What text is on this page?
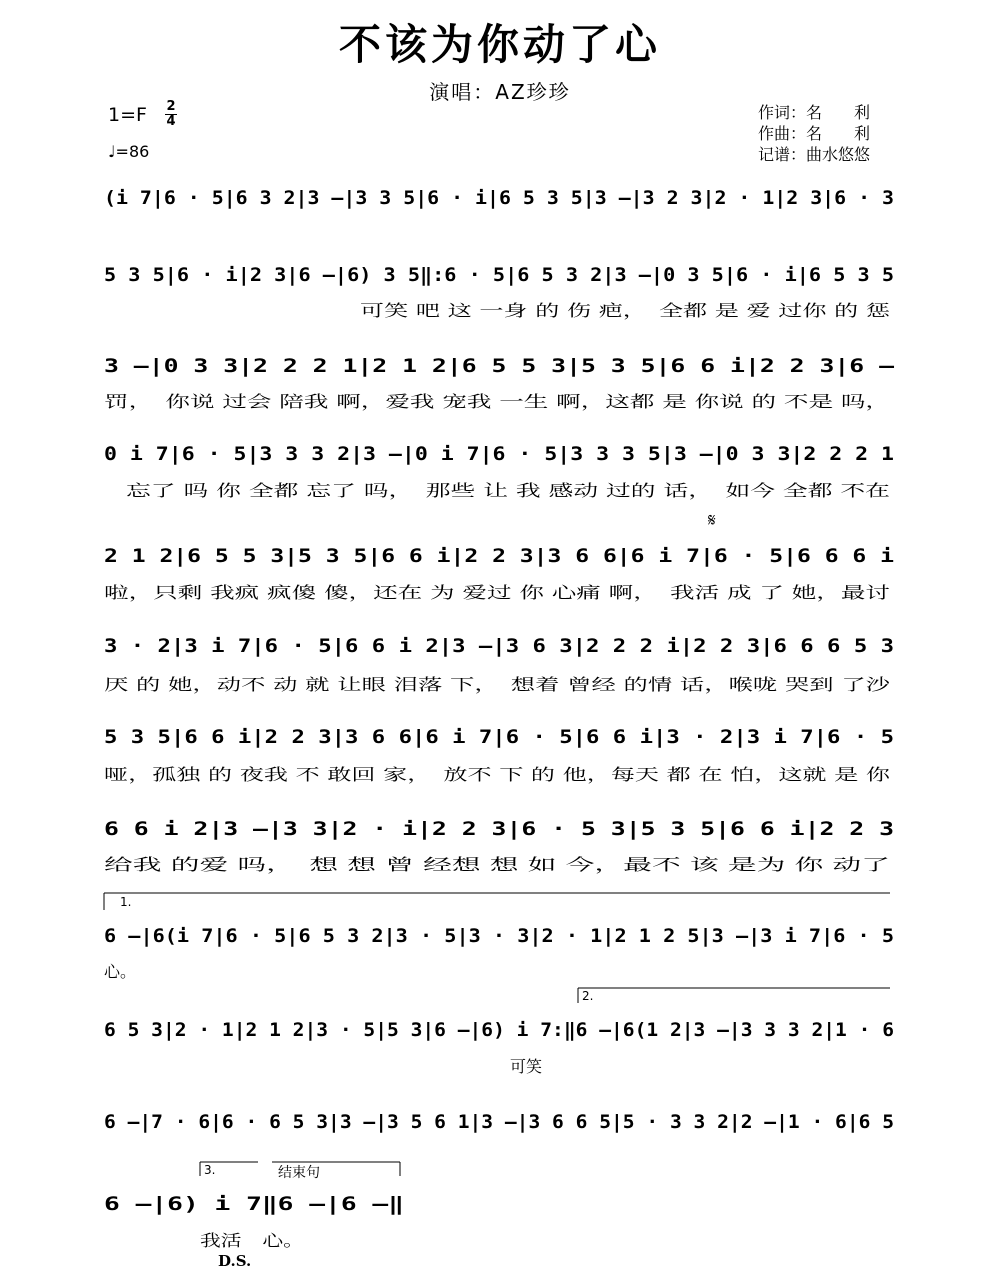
不该为你动了心
演唱：AZ珍珍
1=F 2
4
♩=86
作词：名　　利
作曲：名　　利
记谱：曲水悠悠
(i 7|6 · 5|6 3 2|3 –|3 3 5|6 · i|6 5 3 5|3 –|3 2 3|2 · 1|2 3|6 · 3
5 3 5|6 · i|2 3|6 –|6) 3 5‖:6 · 5|6 5 3 2|3 –|0 3 5|6 · i|6 5 3 5
可笑 吧 这 一身 的 伤 疤，　全都 是 爱 过你 的 惩
3 –|0 3 3|2 2 2 1|2 1 2|6 5 5 3|5 3 5|6 6 i|2 2 3|6 –
罚，　你说 过会 陪我 啊，爱我 宠我 一生 啊，这都 是 你说 的 不是 吗，
0 i 7|6 · 5|3 3 3 2|3 –|0 i 7|6 · 5|3 3 3 5|3 –|0 3 3|2 2 2 1
忘了 吗 你 全都 忘了 吗，　那些 让 我 感动 过的 话，　如今 全都 不在
2 1 2|6 5 5 3|5 3 5|6 6 i|2 2 3|3 6 6|6 i 7|6 · 5|6 6 6 i
啦，只剩 我疯 疯傻 傻，还在 为 爱过 你 心痛 啊，　我活 成 了 她，最讨
3 · 2|3 i 7|6 · 5|6 6 i 2|3 –|3 6 3|2 2 2 i|2 2 3|6 6 6 5 3
厌 的 她，动不 动 就 让眼 泪落 下，　想着 曾经 的情 话，喉咙 哭到 了沙
5 3 5|6 6 i|2 2 3|3 6 6|6 i 7|6 · 5|6 6 i|3 · 2|3 i 7|6 · 5
哑，孤独 的 夜我 不 敢回 家，　放不 下 的 他，每天 都 在 怕，这就 是 你
6 6 i 2|3 –|3 3|2 · i|2 2 3|6 · 5 3|5 3 5|6 6 i|2 2 3
给我 的爱 吗，　想 想 曾 经想 想 如 今，最不 该 是为 你 动了
1.
6 –|6(i 7|6 · 5|6 5 3 2|3 · 5|3 · 3|2 · 1|2 1 2 5|3 –|3 i 7|6 · 5
心。
2.
6 5 3|2 · 1|2 1 2|3 · 5|5 3|6 –|6) i 7:‖6 –|6(1 2|3 –|3 3 3 2|1 · 6
可笑
6 –|7 · 6|6 · 6 5 3|3 –|3 5 6 1|3 –|3 6 6 5|5 · 3 3 2|2 –|1 · 6|6 5
3.	结束句
6 –|6) i 7‖6 –|6 –‖
我活　心。
𝄋
D.S.
